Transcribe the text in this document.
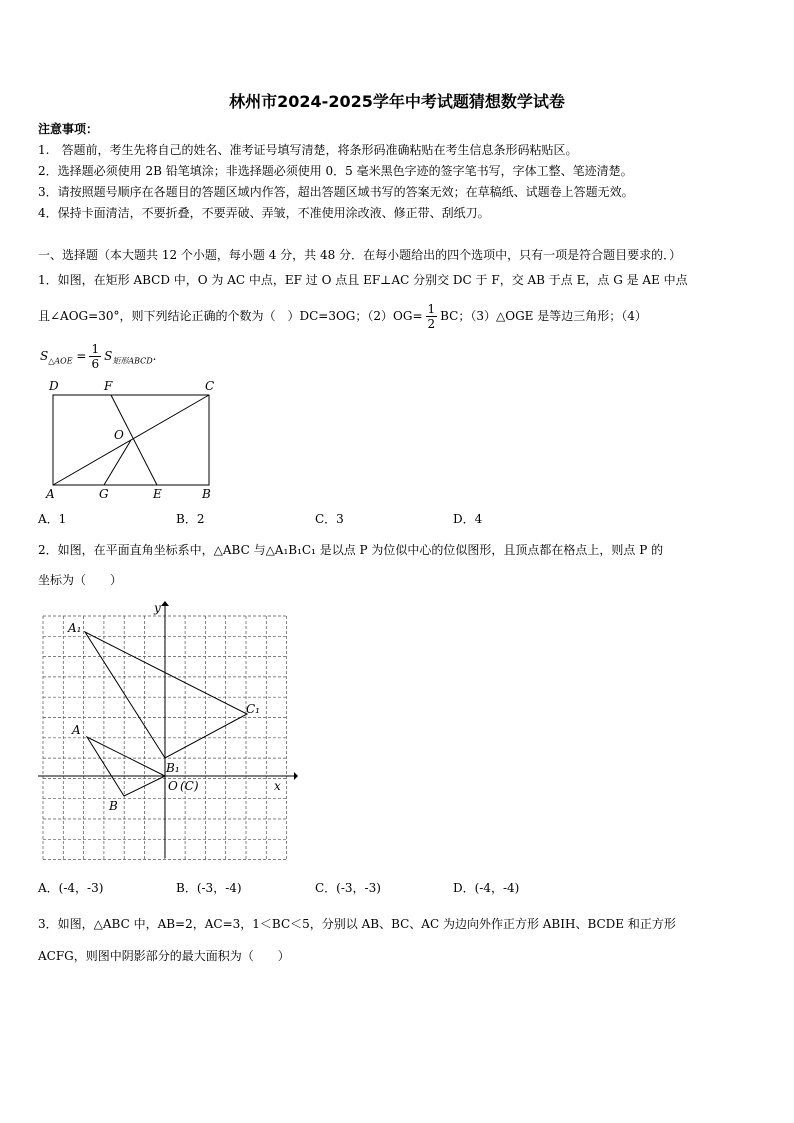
林州市2024-2025学年中考试题猜想数学试卷
注意事项：
1.　答题前，考生先将自己的姓名、准考证号填写清楚，将条形码准确粘贴在考生信息条形码粘贴区。
2．选择题必须使用 2B 铅笔填涂；非选择题必须使用 0．5 毫米黑色字迹的签字笔书写，字体工整、笔迹清楚。
3．请按照题号顺序在各题目的答题区域内作答，超出答题区域书写的答案无效；在草稿纸、试题卷上答题无效。
4．保持卡面清洁，不要折叠，不要弄破、弄皱，不准使用涂改液、修正带、刮纸刀。
一、选择题（本大题共 12 个小题，每小题 4 分，共 48 分．在每小题给出的四个选项中，只有一项是符合题目要求的．）
1．如图，在矩形 ABCD 中，O 为 AC 中点，EF 过 O 点且 EF⊥AC 分别交 DC 于 F，交 AB 于点 E，点 G 是 AE 中点
且∠AOG=30°，则下列结论正确的个数为（　）DC=3OG；$(2)OG= \frac{1}{2}$ BC；（3）△OGE 是等边三角形；（4）
$S_{\triangle AOE} = \frac{1}{6} S_{矩形ABCD}$.
D	F	C
O
A	G	E	B
A．1	B．2	C．3	D．4
2．如图，在平面直角坐标系中，△ABC 与△A₁B₁C₁ 是以点 P 为位似中心的位似图形，且顶点都在格点上，则点 P 的
坐标为（　　）
y
x
A₁
C₁
A
B₁
B
O (C)
A．(-4，-3)	B．(-3，-4)	C．(-3，-3)	D．(-4，-4)
3．如图，△ABC 中，AB=2，AC=3，1＜BC＜5，分别以 AB、BC、AC 为边向外作正方形 ABIH、BCDE 和正方形
ACFG，则图中阴影部分的最大面积为（　　）
